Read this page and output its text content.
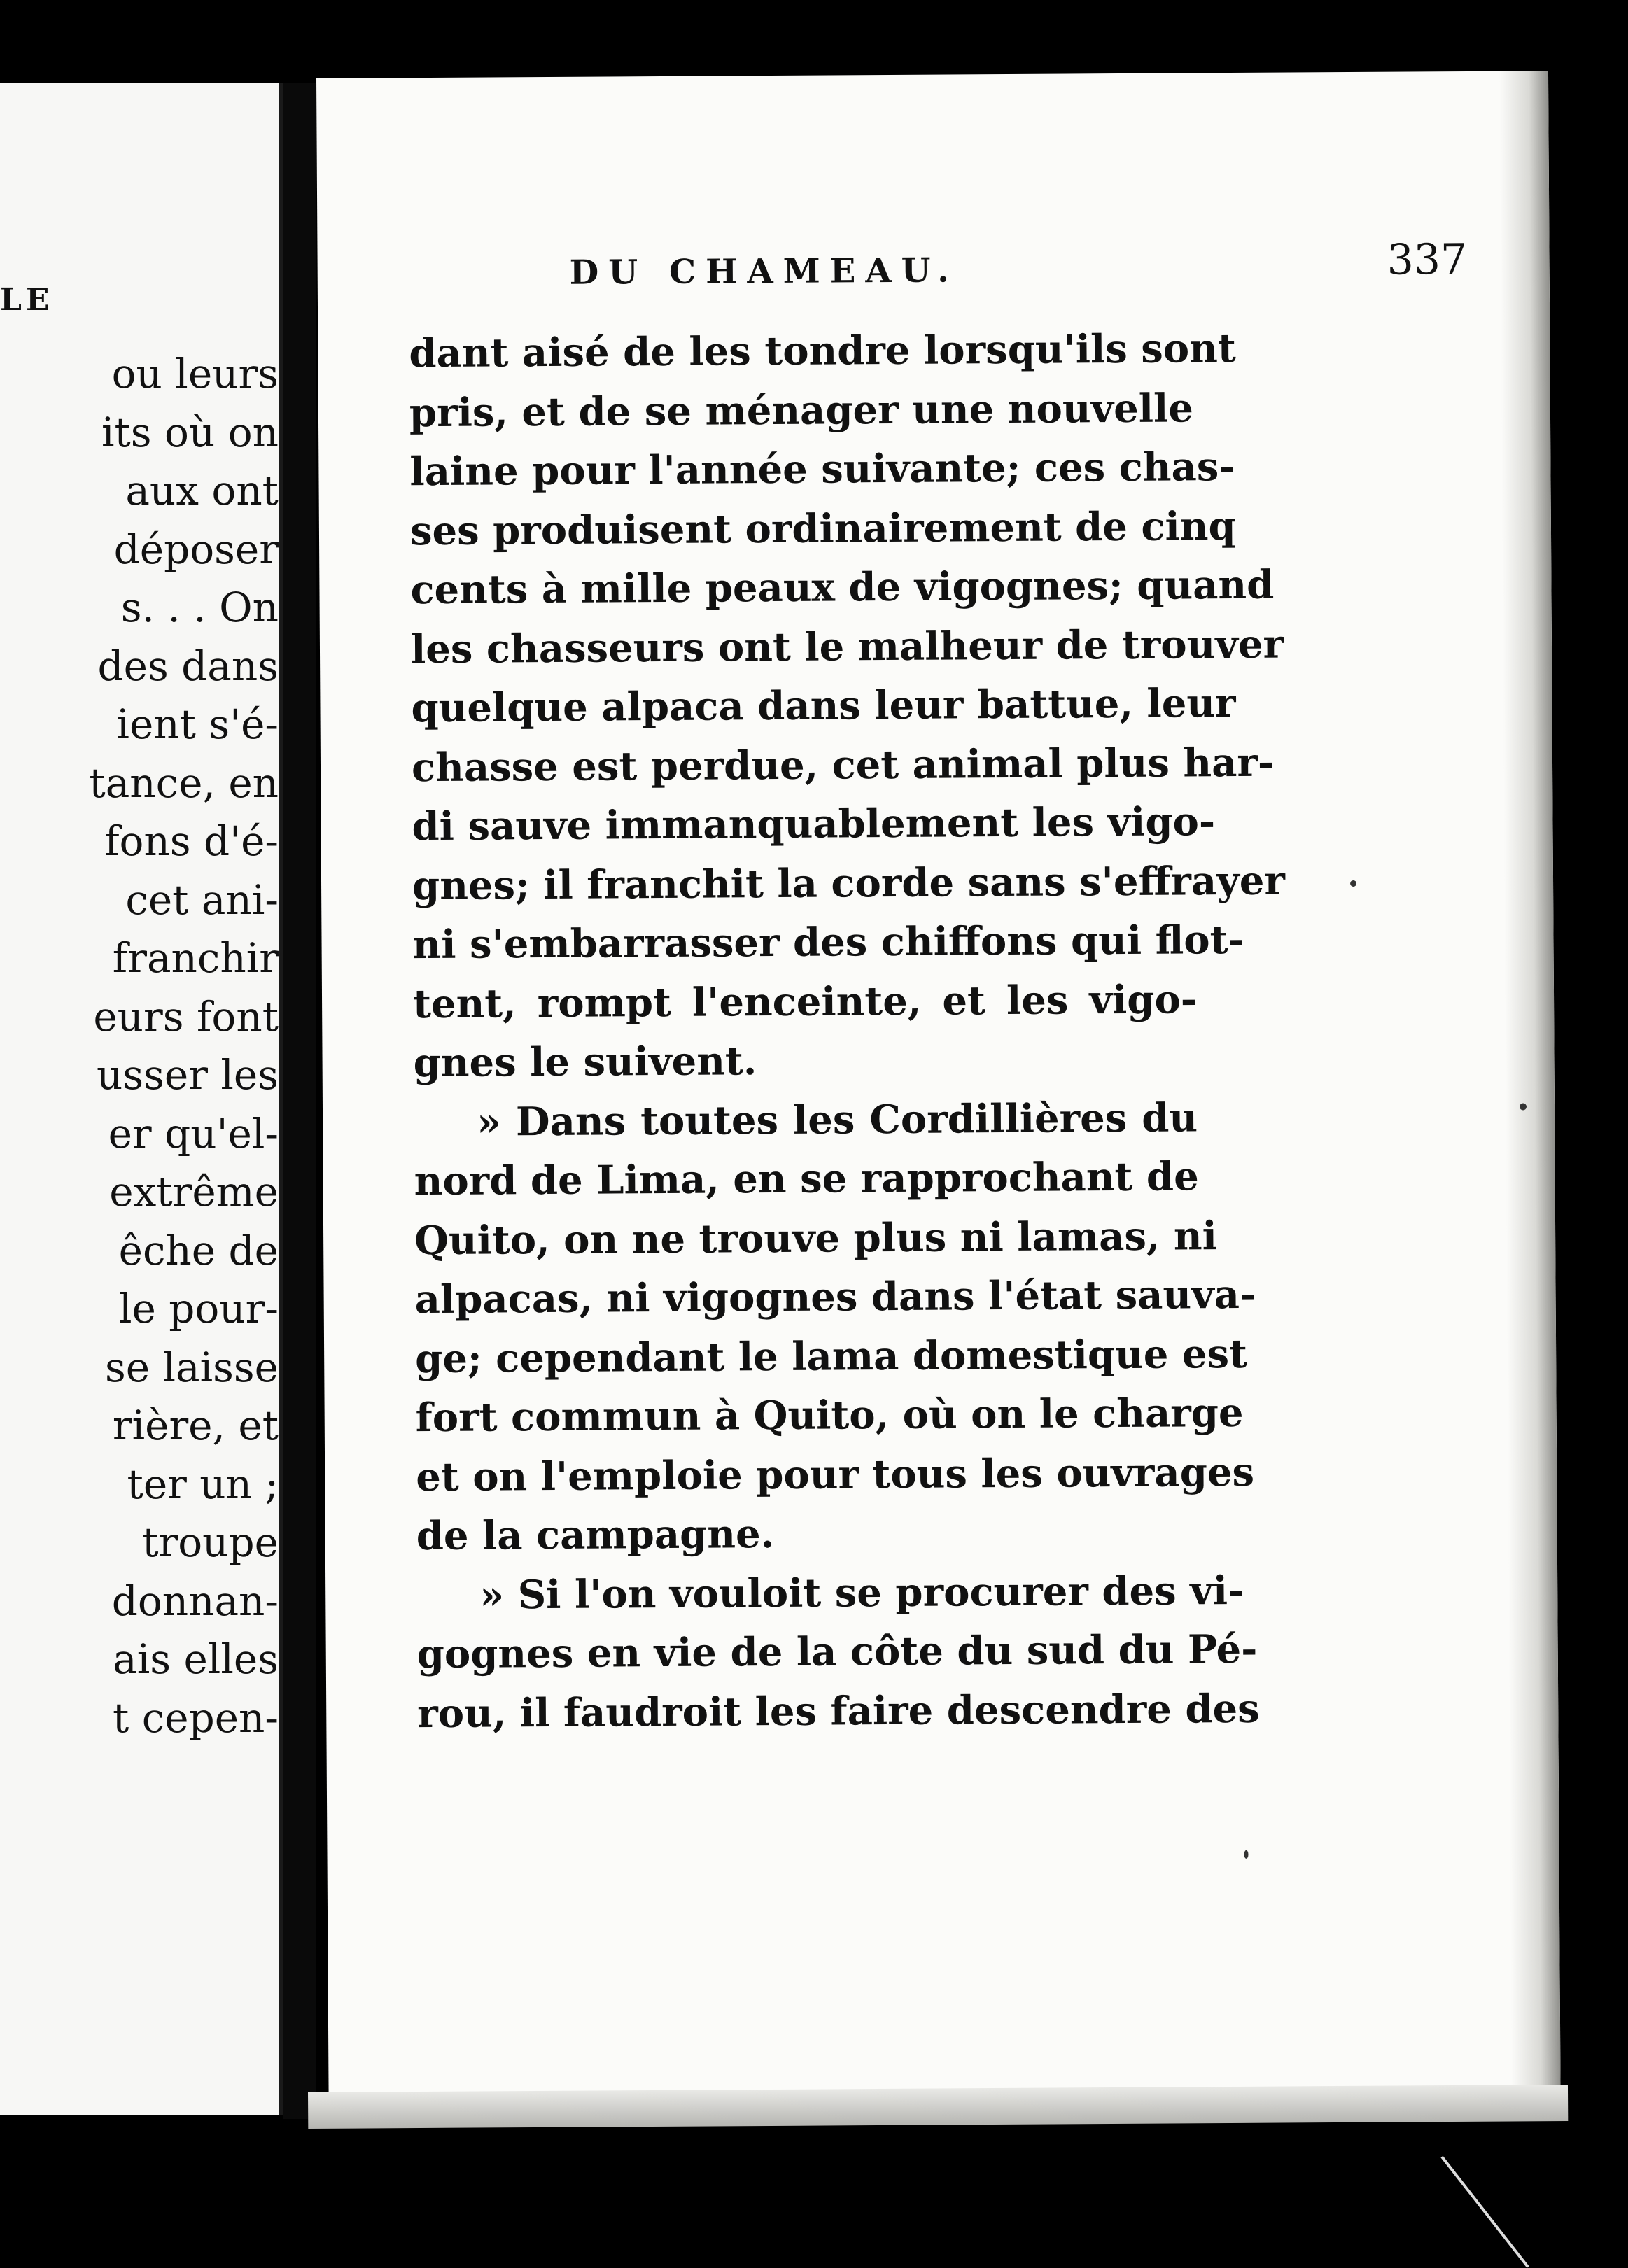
LE
ou leurs
its où on
aux ont
déposer
s. . . On
des dans
ient s'é-
tance, en
fons d'é-
cet ani-
franchir
eurs font
usser les
er qu'el-
extrême
êche de
le pour-
se laisse
rière, et
ter un ;
troupe
donnan-
ais elles
t cepen-
DU CHAMEAU.	337
dant aisé de les tondre lorsqu'ils sont
pris, et de se ménager une nouvelle
laine pour l'année suivante; ces chas-
ses produisent ordinairement de cinq
cents à mille peaux de vigognes; quand
les chasseurs ont le malheur de trouver
quelque alpaca dans leur battue, leur
chasse est perdue, cet animal plus har-
di sauve immanquablement les vigo-
gnes; il franchit la corde sans s'effrayer
ni s'embarrasser des chiffons qui flot-
tent, rompt l'enceinte, et les vigo-
gnes le suivent.
» Dans toutes les Cordillières du
nord de Lima, en se rapprochant de
Quito, on ne trouve plus ni lamas, ni
alpacas, ni vigognes dans l'état sauva-
ge; cependant le lama domestique est
fort commun à Quito, où on le charge
et on l'emploie pour tous les ouvrages
de la campagne.
» Si l'on vouloit se procurer des vi-
gognes en vie de la côte du sud du Pé-
rou, il faudroit les faire descendre des
